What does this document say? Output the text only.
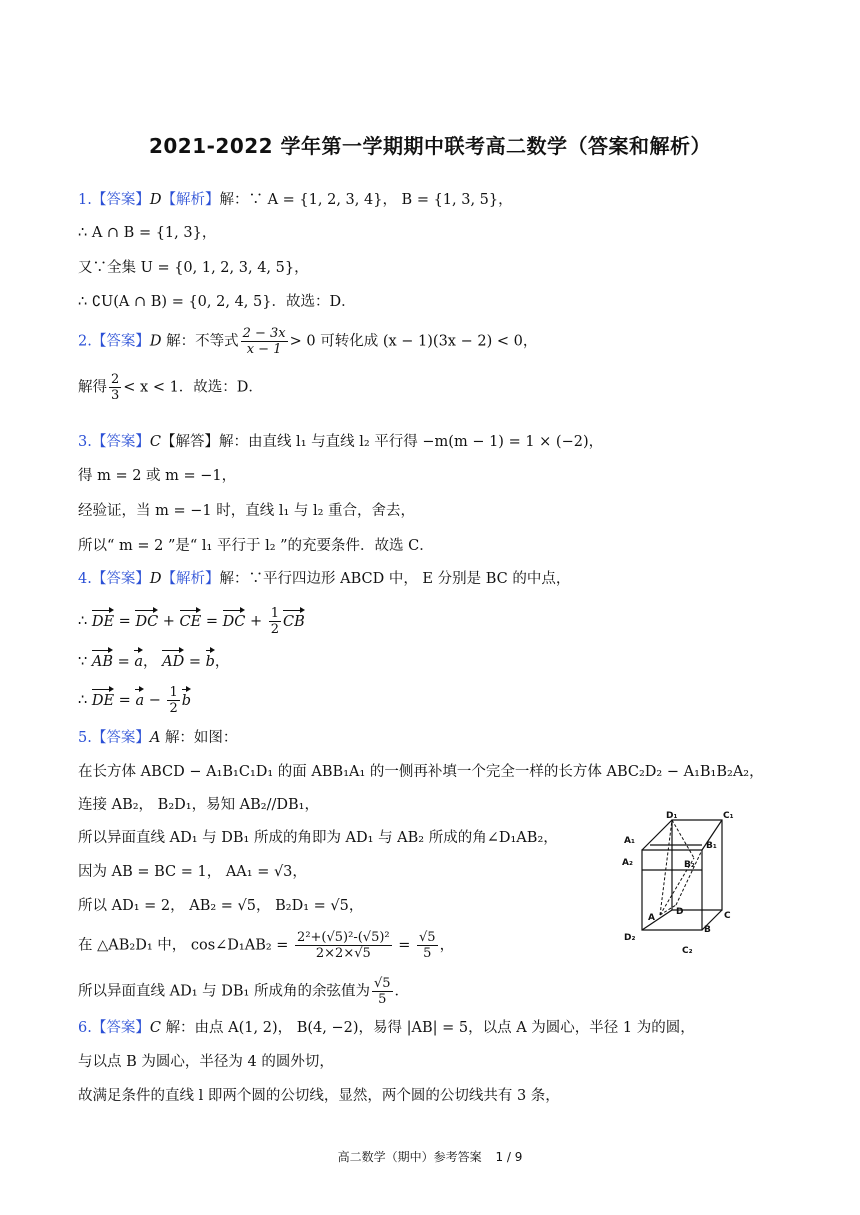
2021-2022 学年第一学期期中联考高二数学（答案和解析）
1.【答案】D【解析】解：∵ A = {1, 2, 3, 4}， B = {1, 3, 5}，
∴ A ∩ B = {1, 3}，
又∵全集 U = {0, 1, 2, 3, 4, 5}，
∴ ∁U(A ∩ B) = {0, 2, 4, 5}．故选：D．
2.【答案】D 解：不等式 $\frac{2 - 3x}{x - 1} > 0$ 可转化成 (x − 1)(3x − 2) < 0，
解得 $\frac{2}{3} < x < 1$．故选：D．
3.【答案】C【解答】解：由直线 l₁ 与直线 l₂ 平行得 −m(m − 1) = 1 × (−2)，
得 m = 2 或 m = −1，
经验证，当 m = −1 时，直线 l₁ 与 l₂ 重合，舍去，
所以“ m = 2 ”是“ l₁ 平行于 l₂ ”的充要条件．故选 C．
4.【答案】D【解析】解：∵平行四边形 ABCD 中， E 分别是 BC 的中点，
∴ DE = DC + CE = DC + $\frac{1}{2}$ CB
∵ AB = a， AD = b，
∴ DE = $a - \frac{1}{2}$ b
5.【答案】A 解：如图：
在长方体 ABCD − A₁B₁C₁D₁ 的面 ABB₁A₁ 的一侧再补填一个完全一样的长方体 ABC₂D₂ − A₁B₁B₂A₂，
连接 AB₂， B₂D₁，易知 AB₂//DB₁，
所以异面直线 AD₁ 与 DB₁ 所成的角即为 AD₁ 与 AB₂ 所成的角∠D₁AB₂，
因为 AB = BC = 1， AA₁ = √3，
所以 AD₁ = 2， AB₂ = √5， B₂D₁ = √5，
在 △AB₂D₁ 中， cos∠D₁AB₂ = $\frac{\text{2²+(√5)²-(√5)²}}{2\times 2\times√5} = \frac{√5}{5}$ ，
所以异面直线 AD₁ 与 DB₁ 所成角的余弦值为 $\frac{√5}{5}$ ．
D₁	C₁
A₁	B₁
A₂	B₂
D	C
A
B
D₂
C₂
6.【答案】C 解：由点 A(1, 2)， B(4, −2)，易得 |AB| = 5，以点 A 为圆心，半径 1 为的圆，
与以点 B 为圆心，半径为 4 的圆外切，
故满足条件的直线 l 即两个圆的公切线，显然，两个圆的公切线共有 3 条，
高二数学（期中）参考答案 1 / 9
